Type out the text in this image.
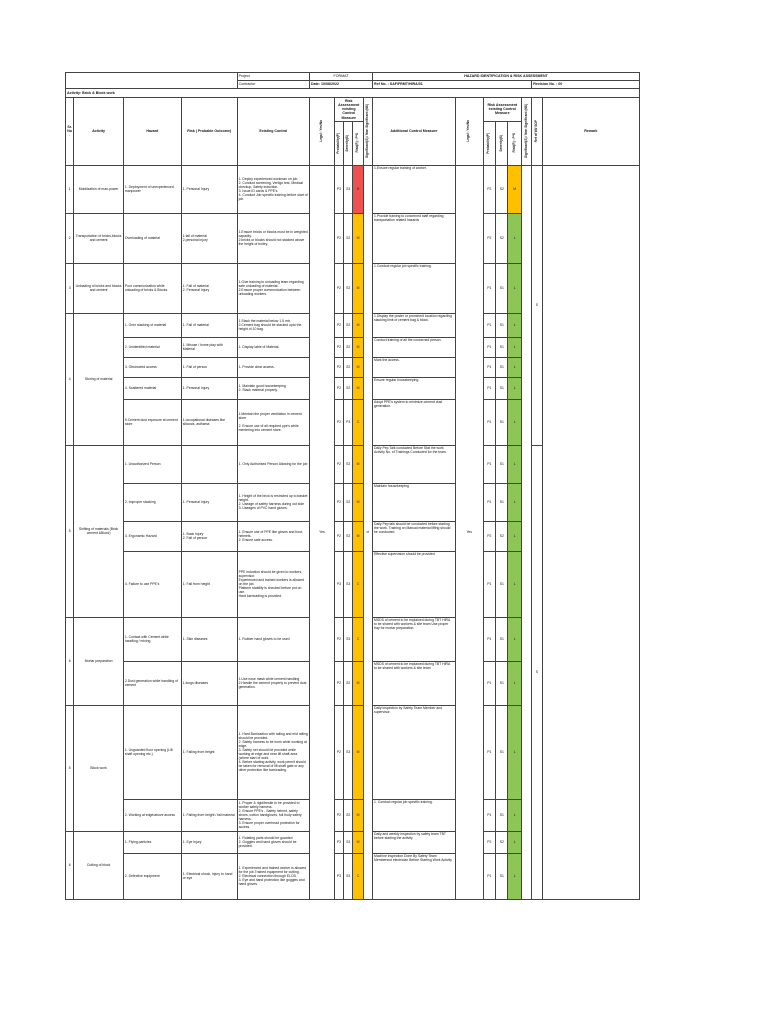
				Project	FORMAT					HAZARD IDENTIFICATION & RISK ASSESSMENT							
				Contractor	Date: 10/08/2022					Ref No. : SAF/FRMT/HIRA/01						Revision No. : 00	
Activity: Brick & Block work																	
Sr. No.	Activity	Hazard	Risk ( Probable Outcome)	Existing Control	Legal : Yes/No	Risk Assessment existing Control Measure			Significant(S) / Non Significant (NS)	Additional Control Measure	Legal : Yes/No	Risk Assessment existing Control Measure			Significant(S) / Non Significant (NS)	Ref of WI/ SOP	Remark

						Probability(P)	Severity(S)	Risk(R) : P*S				Probability(P)	Severity(S)	Risk(R) : P*S			

1	Mobilization of man-power	1. Deployment of unexperienced manpower	1. Personal Injury	1. Deploy experienced workman on job.
2. Conduct screening, Vertigo test, Medical checkup, Safety induction.
3. Issue ID cards & PPE's.
4. Conduct Job specific training before start of job.	Yes	P3	S3	H	ct	1.Ensure regular training of worker.	Yes	P2	S2	M		S	
2	Transportation of bricks,blocks and cement	Overloading of material	1.fall of material
2.personal injury	1.Ensure bricks or blocks must be in weighted capacity.
2.bricks or blocks should not stacked above the height of trolley.		P2	S2	M		1.Provide training to concerned staff regarding transportation related hazards		P2	S2	L			
3	Unloading of bricks and blocks and cement	Poor communication while unloading of bricks & Blocks	1. Fall of material
2. Personal Injury	1.Give training to unloading team regarding safe unloading of material.
2.Ensure proper communication between unloading workers.		P2	S2	M		1.Conduct regular job specific training.		P1	S1	L			
4	Storing of material	1. Over stacking of material	1. Fall of material	1.Stack the material below 1.5 mtr.
2.Cement bag should be stacked upto the height of 10 bag.		P2	S2	M		1.Display the poster or prominent location regarding stacking limit of cement bag & block.		P1	S1	L			
		2. Unidentified material	1. Misuse / home play with Material	1. Display lable of Material.		P2	S2	M		Conduct training of all the concerned person.		P1	S1	L			
		3. Obstructed access	1. Fall of person	1. Provide clear access.		P2	S2	M		Mark the access.		P1	S1	L			
		4. Scattered material	1. Personal Injury	1. Maintain good housekeeping
2. Stack material properly.		P2	S2	M		Ensure regular housekeeping		P1	S1	L			
		5.Cement dust exposure at cement store	1.occupational diseases like silicosis, asthama	1.Mentain the proper ventilation in cement store

2. Ensure use of all required ppe's while mentering into cement store.		P2	P3	C		Adopt PPE's system to minimize cement dust generation.		P1	S1	L			
5	Shifting of materials (Brick cement &Block)	1. Unauthorized Person		1. Only Authorised Person Allowing for the job		P2	S2	M		Daily Pep Talk conducted Before Stat the work Activity No. of Trainings Conducted for the team.		P1	S1	L		S	
		2. Improper stacking	1. Personal Injury	1. Height of the brick is restricted up to basket height.
2. Useage of safety harness during out side
3. Useages of PVC hand gloves.		P2	S2	M		Maintain housekeeping		P1	S1	L			
		3. Ergonamic Hazard	1. Back Injury
2. Fall of person	1. Ensure use of PPE like gloves and boot, helmets.
2. Ensure safe access.		P2	S2	M		Daily Pep talk should be conducted before starting the work. Training on Manual material lifting should be conducted		P2	S2	L			
		4. Failure to use PPE's	1. Fall from height	PPE induction should be given to workers, supervisor.
Experienced and trained workers is allowed on the job.
Platform stability is checked before put on use.
Hard barricading is provided.		P3	S3	C		Effective supervision should be provided		P1	S1	L			
6	Mortar preparation	1. Contact with Cement while handling / mixing	1. Skin diseases	1. Rubber hand gloves to be used		P2	S3	C		MSDS of cement to be explained during TBT HIRA to be shared with workers & site team Use proper tray for mortar preparation		P1	S1	L			
		2.Dust generation while handling of cement	1.lungs diseases	1.Use nose mask while cement handling
2.Handle the cement properly to prevent dust generation.		P2	S2	M		MSDS of cement to be explained during TBT HIRA to be shared with workers & site team		P1	S1	L			
5	Block work	1. Unguarded floor opening (Lift shaft opening etc.)	1. Falling from height	1. Hard Barricadion with railing and mid railing should be provided.
2. Safety harness to be worn while working at edge.
3. Safety net should be provided while working at edge and near lift shaft area (where start of work.
4. Before starting activity, work permit should be taken for removal of lift shaft gate or any other protection like barricading.		P2	S3	M		Daily inspection by Safety Team Member and supervisor.		P1	S1	L			
		2. Working at edge/above access	1. Falling from height / fall material	1. Proper & rigid/trestle to be provided to worker safely harness.
2. Ensure PPE's - Safety helmet, safety shoes, cotton handgloves, full body safety harness.
3. Ensure proper overhead protection for access.		P2	S2	M		1. Conduct regular job specific training.		P1	S1	L			
6	Cutting of block	1. Flying particles	1. Eye injury	1. Rotating parts should be guarded
2. Goggles and hand gloves should be provided.		P3	S3	M		Daily and weekly inspection by safety team TBT before starting the activity		P2	S2	L			
		2. Defective equipment	1. Electrical shock, injury to hand or eye	1. Experienced and trained worker is allowed for the job.Trained equipment for cutting.
2. Electrical connection through ELCB.
3. Eye and hand protection like goggles and hand gloves.		P3	S3	C		Machine inspection Done By Safety Team Membersnd electrician Before Starting Work Activity		P1	S1	L			
